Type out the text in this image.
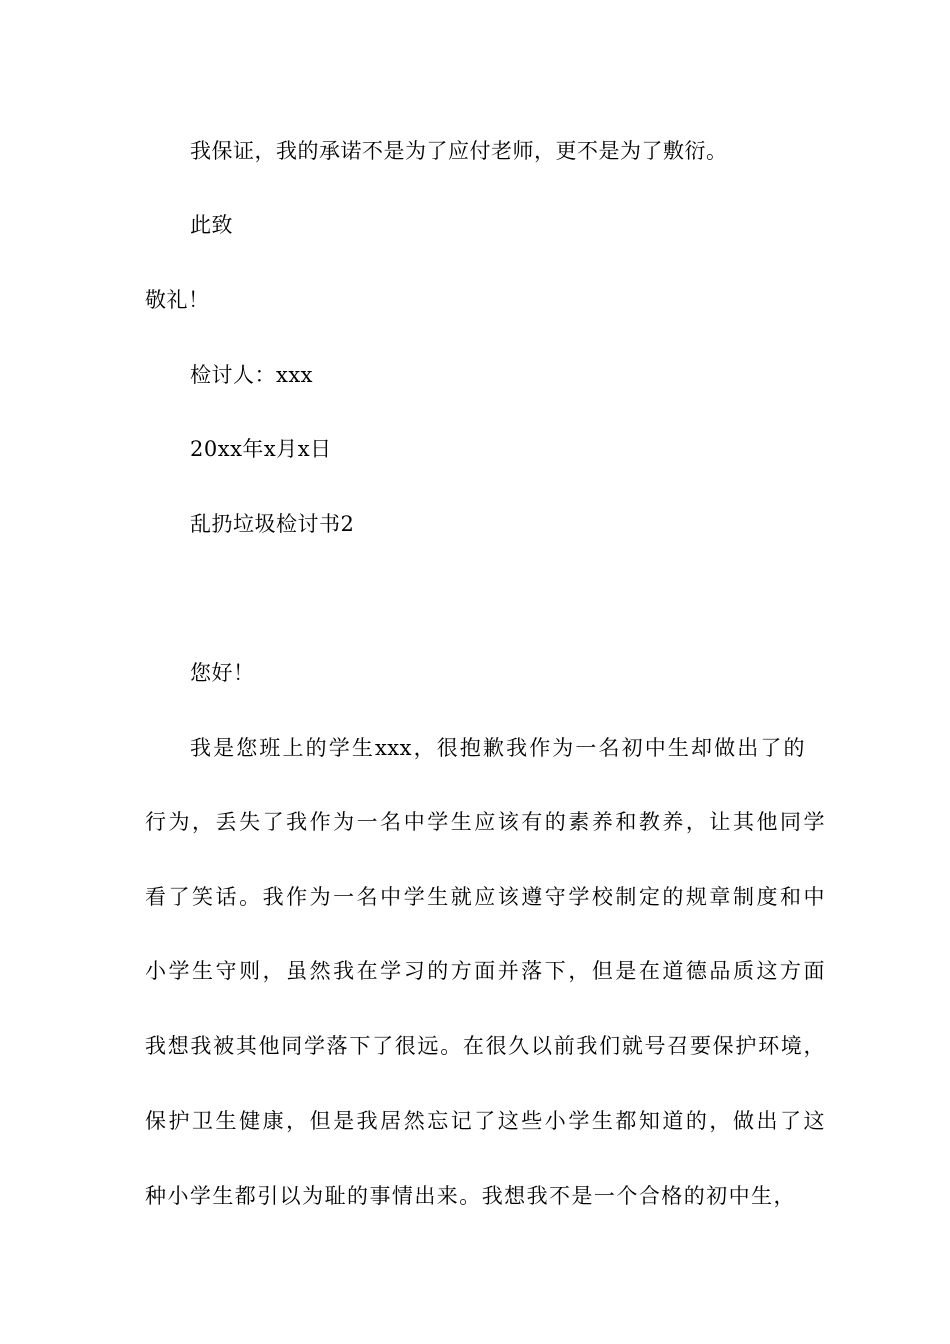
我保证，我的承诺不是为了应付老师，更不是为了敷衍。
此致
敬礼！
检讨人：xxx
20xx年x月x日
乱扔垃圾检讨书2
您好！
我是您班上的学生xxx，很抱歉我作为一名初中生却做出了的
行为，丢失了我作为一名中学生应该有的素养和教养，让其他同学
看了笑话。我作为一名中学生就应该遵守学校制定的规章制度和中
小学生守则，虽然我在学习的方面并落下，但是在道德品质这方面
我想我被其他同学落下了很远。在很久以前我们就号召要保护环境，
保护卫生健康，但是我居然忘记了这些小学生都知道的，做出了这
种小学生都引以为耻的事情出来。我想我不是一个合格的初中生，
